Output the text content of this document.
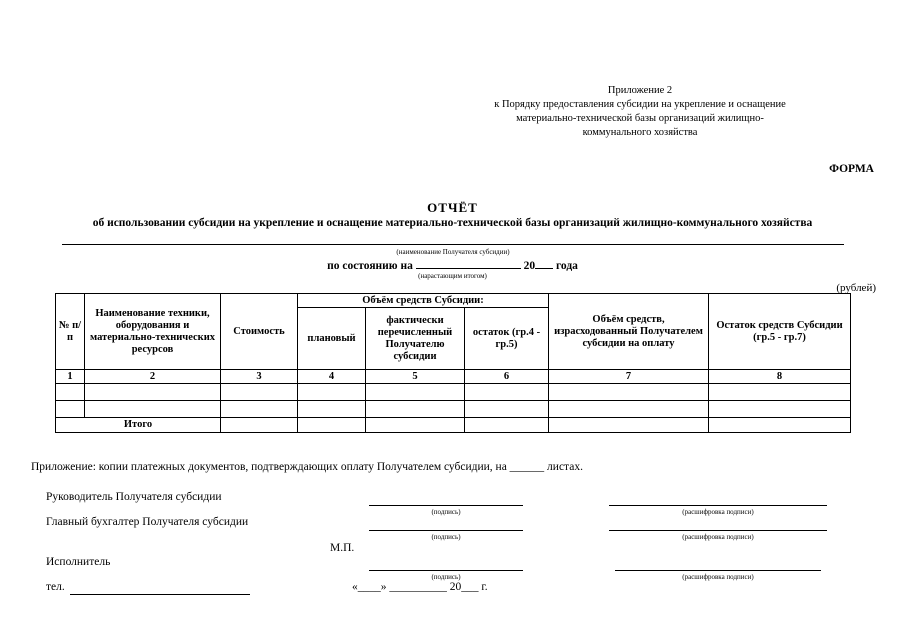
Приложение 2
к Порядку предоставления субсидии на укрепление и оснащение
материально-технической базы организаций жилищно-
коммунального хозяйства
ФОРМА
ОТЧЁТ
об использовании субсидии на укрепление и оснащение материально-технической базы организаций жилищно-коммунального хозяйства
(наименование Получателя субсидии)
по состоянию на	20 года
(нарастающим итогом)
(рублей)
№ п/п	Наименование техники, оборудования и материально-технических ресурсов	Стоимость	Объём средств Субсидии:			Объём средств, израсходованный Получателем субсидии на оплату	Остаток средств Субсидии (гр.5 - гр.7)
			плановый	фактически перечисленный Получателю субсидии	остаток (гр.4 - гр.5)		
1	2	3	4	5	6	7	8

Итого							
Приложение: копии платежных документов, подтверждающих оплату Получателем субсидии, на ______ листах.
Руководитель Получателя субсидии
(подпись)	(расшифровка подписи)
Главный бухгалтер Получателя субсидии
(подпись)	(расшифровка подписи)
М.П.
Исполнитель
(подпись)	(расшифровка подписи)
тел.	«____» __________ 20___ г.
